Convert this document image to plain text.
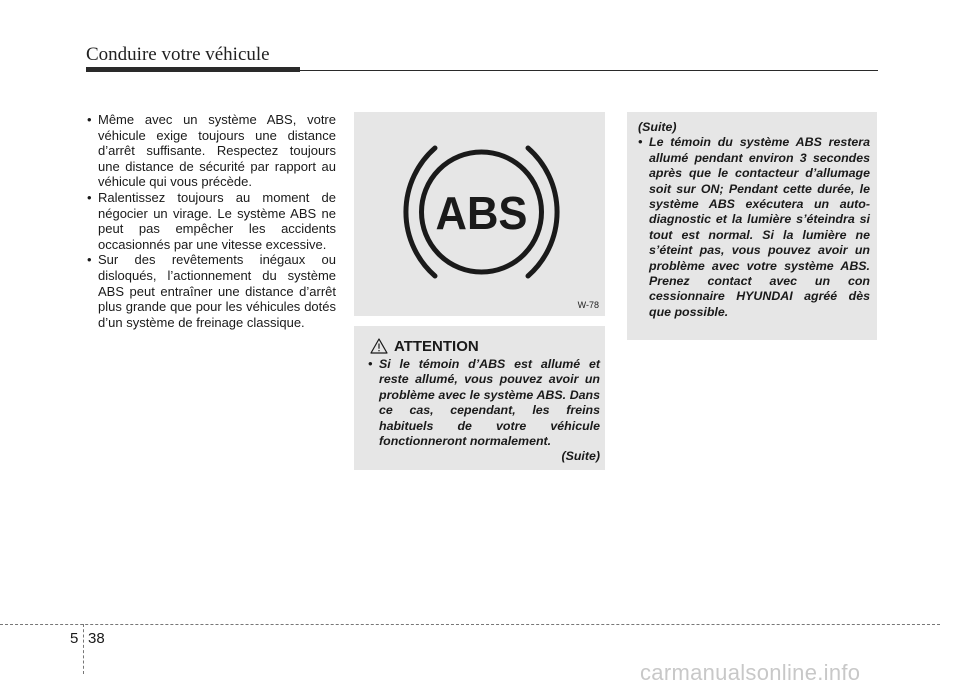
Conduire votre véhicule
• Même avec un système ABS, votre véhicule exige toujours une distance d’arrêt suffisante. Respectez toujours une distance de sécurité par rapport au véhicule qui vous précède.
• Ralentissez toujours au moment de négocier un virage. Le système ABS ne peut pas empêcher les accidents occasionnés par une vitesse excessive.
• Sur des revêtements inégaux ou disloqués, l’actionnement du système ABS peut entraîner une distance d’arrêt plus grande que pour les véhicules dotés d’un système de freinage classique.
ABS
W-78
ATTENTION
• Si le témoin d’ABS est allumé et reste allumé, vous pouvez avoir un problème avec le système ABS. Dans ce cas, cependant, les freins habituels de votre véhicule fonctionneront normalement.
(Suite)
(Suite)
• Le témoin du système ABS restera allumé pendant environ 3 secondes après que le contacteur d’allumage soit sur ON; Pendant cette durée, le système ABS exécutera un auto-diagnostic et la lumière s’éteindra si tout est normal. Si la lumière ne s’éteint pas, vous pouvez avoir un problème avec votre système ABS. Prenez contact avec un con cessionnaire HYUNDAI agréé dès que possible.
5 38
carmanualsonline.info
